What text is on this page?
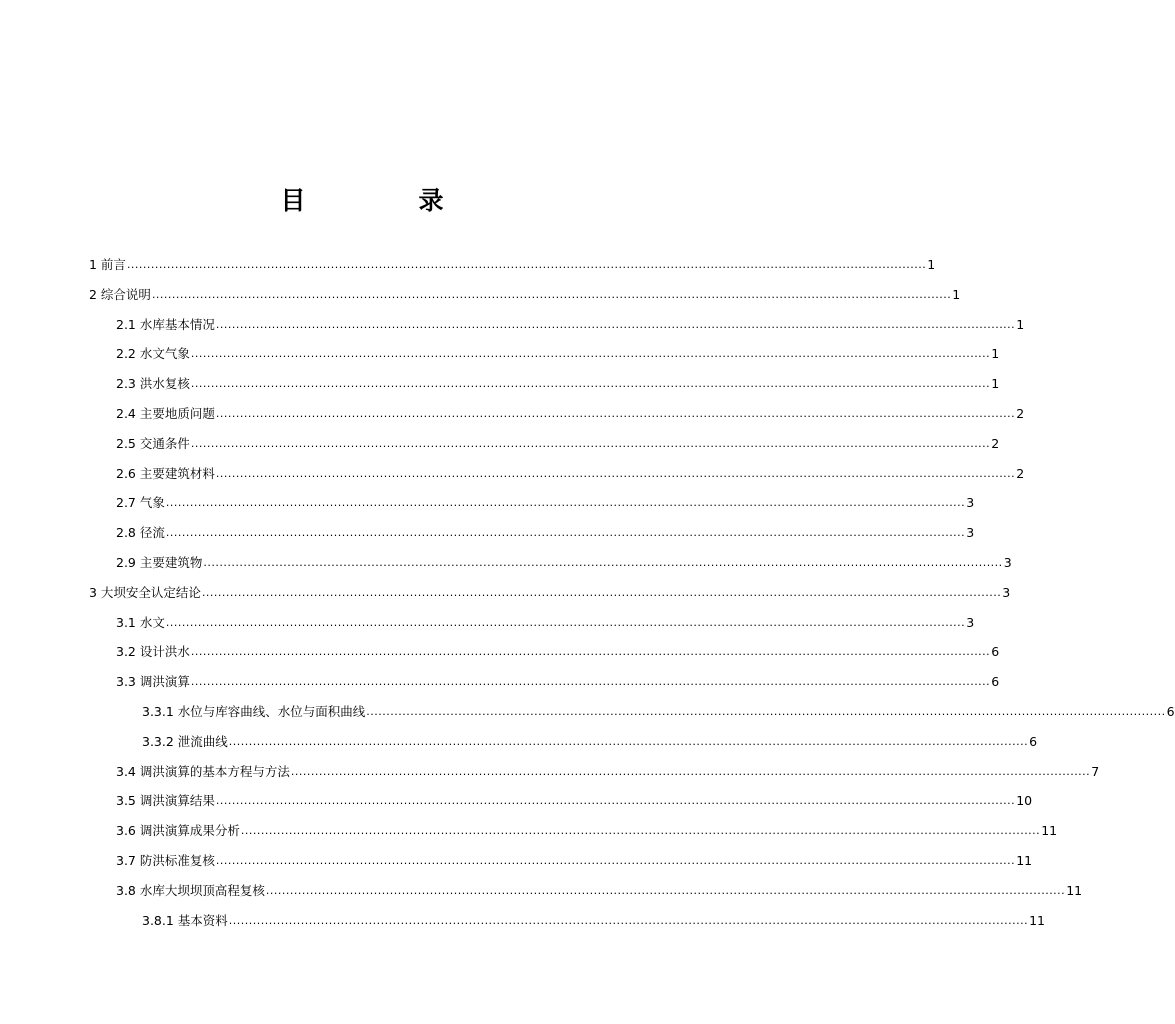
目　录
1 前言 ........................................................................................................................................................................................................ 1
2 综合说明 ........................................................................................................................................................................................................ 1
2.1 水库基本情况 ........................................................................................................................................................................................................ 1
2.2 水文气象 ........................................................................................................................................................................................................ 1
2.3 洪水复核 ........................................................................................................................................................................................................ 1
2.4 主要地质问题 ........................................................................................................................................................................................................ 2
2.5 交通条件 ........................................................................................................................................................................................................ 2
2.6 主要建筑材料 ........................................................................................................................................................................................................ 2
2.7 气象 ........................................................................................................................................................................................................ 3
2.8 径流 ........................................................................................................................................................................................................ 3
2.9 主要建筑物 ........................................................................................................................................................................................................ 3
3 大坝安全认定结论 ........................................................................................................................................................................................................ 3
3.1 水文 ........................................................................................................................................................................................................ 3
3.2 设计洪水 ........................................................................................................................................................................................................ 6
3.3 调洪演算 ........................................................................................................................................................................................................ 6
3.3.1 水位与库容曲线、水位与面积曲线 ........................................................................................................................................................................................................ 6
3.3.2 泄流曲线 ........................................................................................................................................................................................................ 6
3.4 调洪演算的基本方程与方法 ........................................................................................................................................................................................................ 7
3.5 调洪演算结果 ........................................................................................................................................................................................................ 10
3.6 调洪演算成果分析 ........................................................................................................................................................................................................ 11
3.7 防洪标准复核 ........................................................................................................................................................................................................ 11
3.8 水库大坝坝顶高程复核 ........................................................................................................................................................................................................ 11
3.8.1 基本资料 ........................................................................................................................................................................................................ 11
